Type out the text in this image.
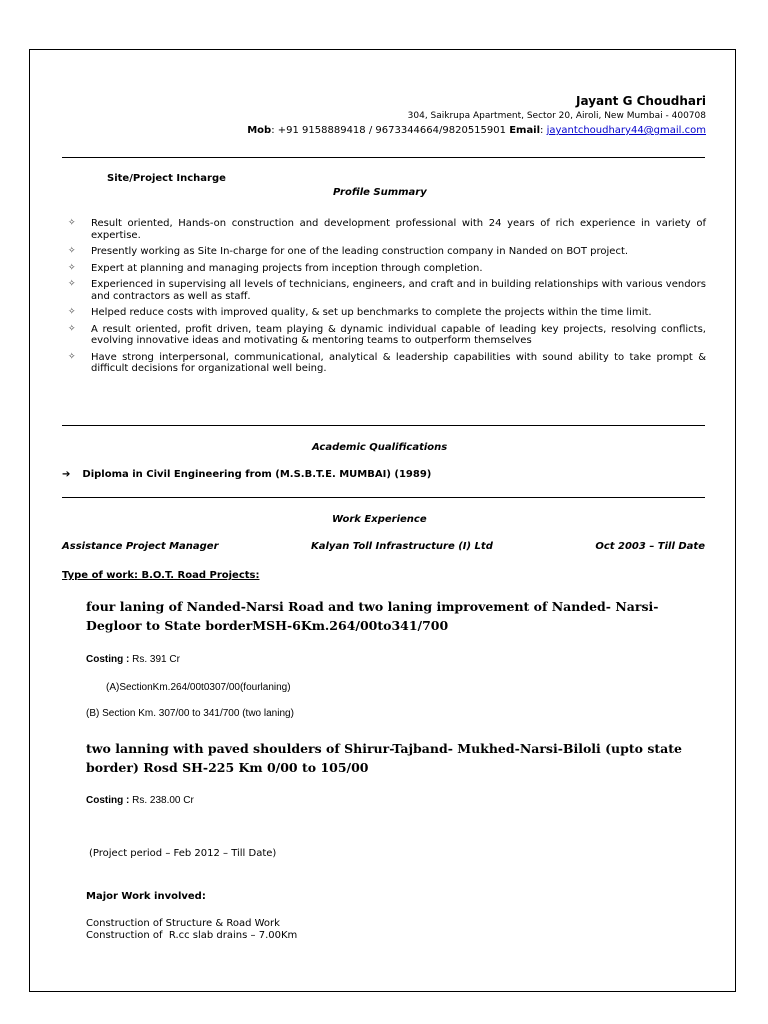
Jayant G Choudhari
304, Saikrupa Apartment, Sector 20, Airoli, New Mumbai - 400708
Mob: +91 9158889418 / 9673344664/9820515901 Email: jayantchoudhary44@gmail.com
Site/Project Incharge
Profile Summary
✧ Result oriented, Hands-on construction and development professional with 24 years of rich experience in variety of expertise.
✧ Presently working as Site In-charge for one of the leading construction company in Nanded on BOT project.
✧ Expert at planning and managing projects from inception through completion.
✧ Experienced in supervising all levels of technicians, engineers, and craft and in building relationships with various vendors and contractors as well as staff.
✧ Helped reduce costs with improved quality, & set up benchmarks to complete the projects within the time limit.
✧ A result oriented, profit driven, team playing & dynamic individual capable of leading key projects, resolving conflicts, evolving innovative ideas and motivating & mentoring teams to outperform themselves
✧ Have strong interpersonal, communicational, analytical & leadership capabilities with sound ability to take prompt & difficult decisions for organizational well being.
Academic Qualifications
➔ Diploma in Civil Engineering from (M.S.B.T.E. MUMBAI) (1989)
Work Experience
Assistance Project Manager	Kalyan Toll Infrastructure (I) Ltd	Oct 2003 – Till Date
Type of work: B.O.T. Road Projects:
four laning of Nanded-Narsi Road and two laning improvement of Nanded- Narsi- Degloor to State borderMSH-6Km.264/00to341/700
Costing : Rs. 391 Cr
(A)SectionKm.264/00t0307/00(fourlaning)
(B) Section Km. 307/00 to 341/700 (two laning)
two lanning with paved shoulders of Shirur-Tajband- Mukhed-Narsi-Biloli (upto state border) Rosd SH-225 Km 0/00 to 105/00
Costing : Rs. 238.00 Cr
(Project period – Feb 2012 – Till Date)
Major Work involved:
Construction of Structure & Road Work
Construction of  R.cc slab drains – 7.00Km
